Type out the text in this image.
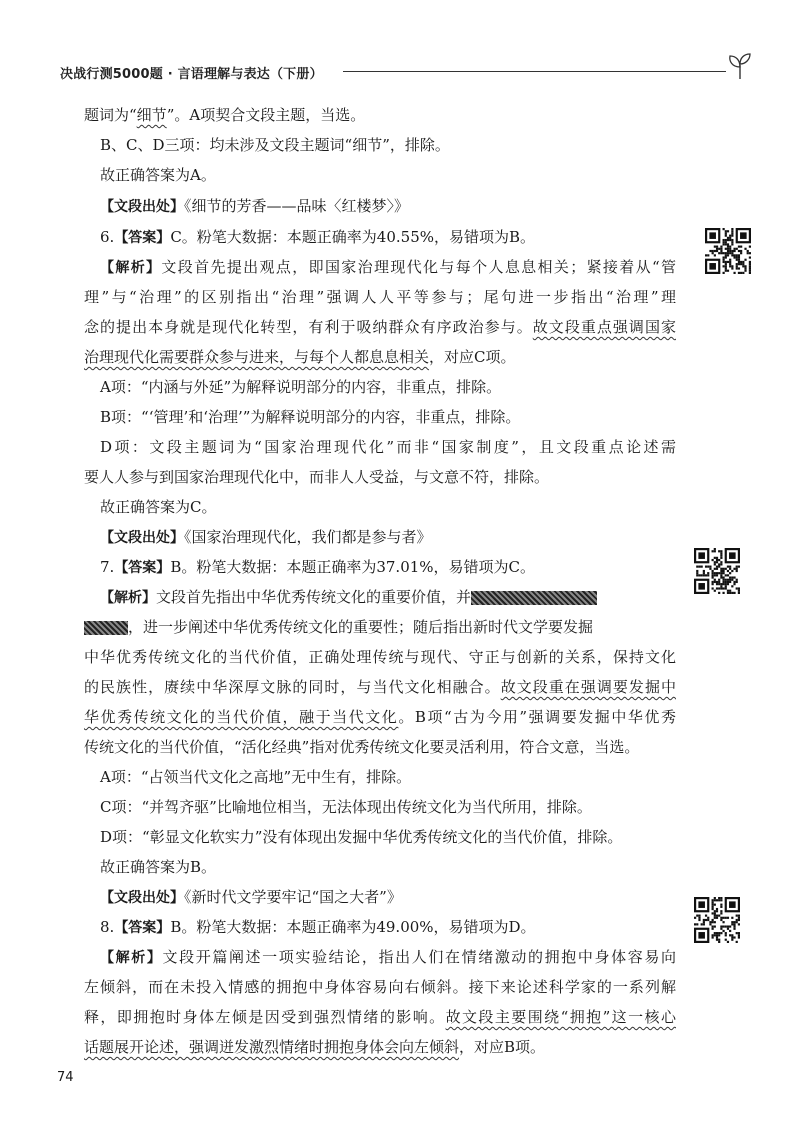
决战行测5000题 · 言语理解与表达（下册）
题词为“细节”。A项契合文段主题，当选。
B、C、D三项：均未涉及文段主题词“细节”，排除。
故正确答案为A。
【文段出处】《细节的芳香——品味〈红楼梦〉》
6.【答案】C。粉笔大数据：本题正确率为40.55%，易错项为B。
【解析】文段首先提出观点，即国家治理现代化与每个人息息相关；紧接着从“管
理”与“治理”的区别指出“治理”强调人人平等参与；尾句进一步指出“治理”理
念的提出本身就是现代化转型，有利于吸纳群众有序政治参与。故文段重点强调国家
治理现代化需要群众参与进来，与每个人都息息相关，对应C项。
A项：“内涵与外延”为解释说明部分的内容，非重点，排除。
B项：“‘管理’和‘治理’”为解释说明部分的内容，非重点，排除。
D项：文段主题词为“国家治理现代化”而非“国家制度”，且文段重点论述需
要人人参与到国家治理现代化中，而非人人受益，与文意不符，排除。
故正确答案为C。
【文段出处】《国家治理现代化，我们都是参与者》
7.【答案】B。粉笔大数据：本题正确率为37.01%，易错项为C。
【解析】文段首先指出中华优秀传统文化的重要价值，并
，进一步阐述中华优秀传统文化的重要性；随后指出新时代文学要发掘
中华优秀传统文化的当代价值，正确处理传统与现代、守正与创新的关系，保持文化
的民族性，赓续中华深厚文脉的同时，与当代文化相融合。故文段重在强调要发掘中
华优秀传统文化的当代价值，融于当代文化。B项“古为今用”强调要发掘中华优秀
传统文化的当代价值，“活化经典”指对优秀传统文化要灵活利用，符合文意，当选。
A项：“占领当代文化之高地”无中生有，排除。
C项：“并驾齐驱”比喻地位相当，无法体现出传统文化为当代所用，排除。
D项：“彰显文化软实力”没有体现出发掘中华优秀传统文化的当代价值，排除。
故正确答案为B。
【文段出处】《新时代文学要牢记“国之大者”》
8.【答案】B。粉笔大数据：本题正确率为49.00%，易错项为D。
【解析】文段开篇阐述一项实验结论，指出人们在情绪激动的拥抱中身体容易向
左倾斜，而在未投入情感的拥抱中身体容易向右倾斜。接下来论述科学家的一系列解
释，即拥抱时身体左倾是因受到强烈情绪的影响。故文段主要围绕“拥抱”这一核心
话题展开论述，强调迸发激烈情绪时拥抱身体会向左倾斜，对应B项。
74
